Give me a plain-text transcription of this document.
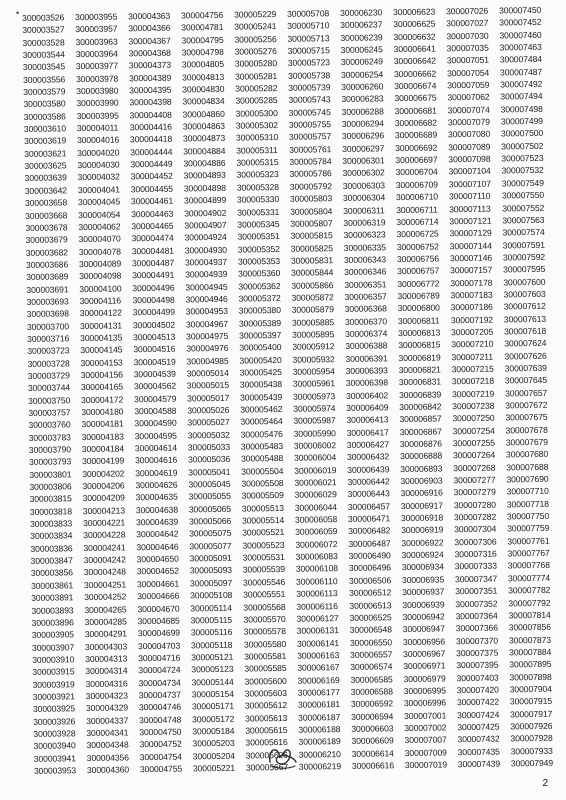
• 300003526
300003527
300003528
300003544
300003545
300003556
300003579
300003580
300003586
300003610
300003619
300003621
300003625
300003639
300003642
300003658
300003668
300003678
300003679
300003682
300003686
300003689
300003691
300003693
300003698
300003700
300003716
300003723
300003728
300003729
300003744
300003750
300003757
300003760
300003783
300003790
300003793
300003801
300003806
300003815
300003818
300003833
300003834
300003836
300003847
300003856
300003861
300003891
300003893
300003896
300003905
300003907
300003910
300003915
300003919
300003921
300003925
300003926
300003928
300003940
300003941
300003953
300003955
300003957
300003963
300003964
300003977
300003978
300003980
300003990
300003995
300004011
300004016
300004020
300004030
300004032
300004041
300004045
300004054
300004062
300004070
300004078
300004089
300004098
300004100
300004116
300004122
300004131
300004135
300004145
300004153
300004156
300004165
300004172
300004180
300004181
300004183
300004184
300004199
300004202
300004206
300004209
300004213
300004221
300004228
300004241
300004242
300004248
300004251
300004252
300004265
300004285
300004291
300004303
300004313
300004314
300004316
300004323
300004329
300004337
300004341
300004348
300004356
300004360
300004363
300004366
300004367
300004368
300004373
300004389
300004395
300004398
300004408
300004416
300004418
300004444
300004449
300004452
300004455
300004461
300004463
300004465
300004474
300004481
300004487
300004491
300004496
300004498
300004499
300004502
300004513
300004516
300004519
300004539
300004562
300004579
300004588
300004590
300004595
300004614
300004616
300004619
300004626
300004635
300004638
300004639
300004642
300004646
300004650
300004652
300004661
300004666
300004670
300004685
300004699
300004703
300004716
300004724
300004734
300004737
300004746
300004748
300004750
300004752
300004754
300004755
300004756
300004781
300004795
300004798
300004805
300004813
300004830
300004834
300004860
300004863
300004873
300004884
300004886
300004893
300004898
300004899
300004902
300004907
300004924
300004930
300004937
300004939
300004945
300004946
300004953
300004967
300004975
300004976
300004985
300005014
300005015
300005017
300005026
300005027
300005032
300005033
300005036
300005041
300005045
300005055
300005065
300005066
300005075
300005077
300005091
300005093
300005097
300005108
300005114
300005115
300005116
300005118
300005121
300005123
300005144
300005154
300005171
300005172
300005184
300005203
300005204
300005221
300005229
300005241
300005256
300005276
300005280
300005281
300005282
300005285
300005300
300005302
300005310
300005311
300005315
300005323
300005328
300005330
300005331
300005345
300005351
300005352
300005353
300005360
300005362
300005372
300005380
300005389
300005397
300005400
300005420
300005425
300005438
300005439
300005462
300005464
300005476
300005483
300005488
300005504
300005508
300005509
300005513
300005514
300005521
300005523
300005531
300005539
300005546
300005551
300005568
300005570
300005578
300005580
300005581
300005585
300005600
300005603
300005612
300005613
300005615
300005616
300005626
300005667
300005708
300005710
300005713
300005715
300005723
300005738
300005739
300005743
300005745
300005755
300005757
300005761
300005784
300005786
300005792
300005803
300005804
300005807
300005815
300005825
300005831
300005844
300005866
300005872
300005879
300005885
300005895
300005912
300005932
300005954
300005961
300005973
300005974
300005987
300005990
300006002
300006004
300006019
300006021
300006029
300006044
300006058
300006059
300006072
300006083
300006108
300006110
300006113
300006116
300006127
300006131
300006141
300006163
300006167
300006169
300006177
300006181
300006187
300006188
300006189
300006210
300006219
300006230
300006237
300006239
300006245
300006249
300006254
300006260
300006283
300006288
300006294
300006296
300006297
300006301
300006302
300006303
300006304
300006311
300006319
300006323
300006335
300006343
300006346
300006351
300006357
300006368
300006370
300006374
300006388
300006391
300006393
300006398
300006402
300006409
300006413
300006417
300006427
300006432
300006439
300006442
300006443
300006457
300006471
300006482
300006487
300006490
300006496
300006506
300006512
300006513
300006525
300006548
300006550
300006557
300006574
300006585
300006588
300006592
300006594
300006603
300006609
300006614
300006616
300006623
300006625
300006632
300006641
300006642
300006662
300006674
300006675
300006681
300006682
300006689
300006692
300006697
300006704
300006709
300006710
300006711
300006714
300006725
300006752
300006756
300006757
300006772
300006789
300006800
300006811
300006813
300006815
300006819
300006821
300006831
300006839
300006842
300006857
300006867
300006876
300006888
300006893
300006903
300006916
300006917
300006918
300006919
300006922
300006924
300006934
300006935
300006937
300006939
300006942
300006947
300006956
300006967
300006971
300006979
300006995
300006996
300007001
300007002
300007007
300007009
300007019
300007026
300007027
300007030
300007035
300007051
300007054
300007059
300007062
300007074
300007079
300007080
300007089
300007098
300007104
300007107
300007110
300007113
300007121
300007129
300007144
300007146
300007157
300007178
300007183
300007186
300007192
300007205
300007210
300007211
300007215
300007218
300007219
300007238
300007250
300007254
300007255
300007264
300007268
300007277
300007279
300007280
300007282
300007304
300007306
300007316
300007333
300007347
300007351
300007352
300007364
300007366
300007370
300007375
300007395
300007403
300007420
300007422
300007424
300007425
300007432
300007435
300007439
300007450
300007452
300007460
300007463
300007484
300007487
300007492
300007494
300007498
300007499
300007500
300007502
300007523
300007532
300007549
300007550
300007552
300007563
300007574
300007591
300007592
300007595
300007600
300007603
300007612
300007613
300007618
300007624
300007626
300007639
300007645
300007657
300007672
300007675
300007678
300007679
300007680
300007688
300007690
300007710
300007718
300007750
300007759
300007761
300007767
300007768
300007774
300007782
300007792
300007814
300007856
300007873
300007884
300007895
300007898
300007904
300007915
300007917
300007926
300007928
300007933
300007949
2
